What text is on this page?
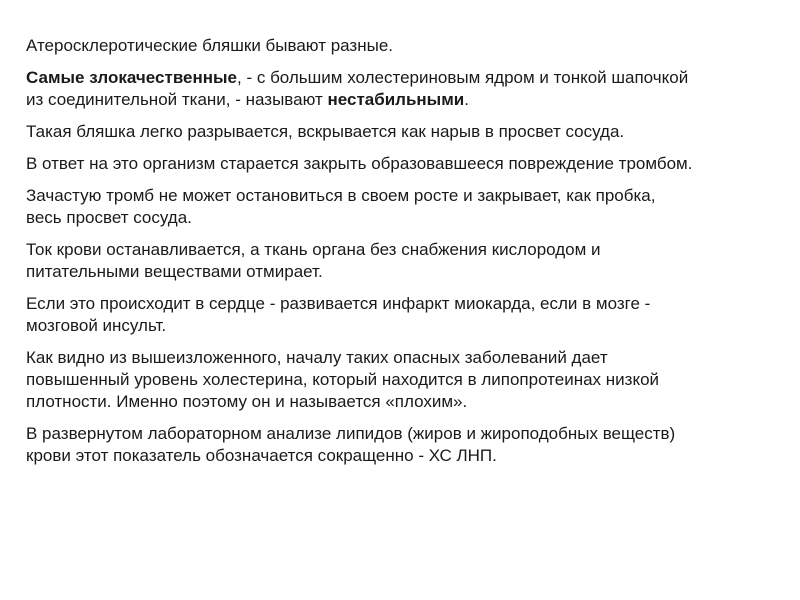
Атеросклеротические бляшки бывают разные.

Самые злокачественные, - с большим холестериновым ядром и тонкой шапочкой
из соединительной ткани, - называют нестабильными.

Такая бляшка легко разрывается, вскрывается как нарыв в просвет сосуда.

В ответ на это организм старается закрыть образовавшееся повреждение тромбом.

Зачастую тромб не может остановиться в своем росте и закрывает, как пробка,
весь просвет сосуда.

Ток крови останавливается, а ткань органа без снабжения кислородом и
питательными веществами отмирает.

Если это происходит в сердце - развивается инфаркт миокарда, если в мозге -
мозговой инсульт.

Как видно из вышеизложенного, началу таких опасных заболеваний дает
повышенный уровень холестерина, который находится в липопротеинах низкой
плотности. Именно поэтому он и называется «плохим».

В развернутом лабораторном анализе липидов (жиров и жироподобных веществ)
крови этот показатель обозначается сокращенно - ХС ЛНП.
